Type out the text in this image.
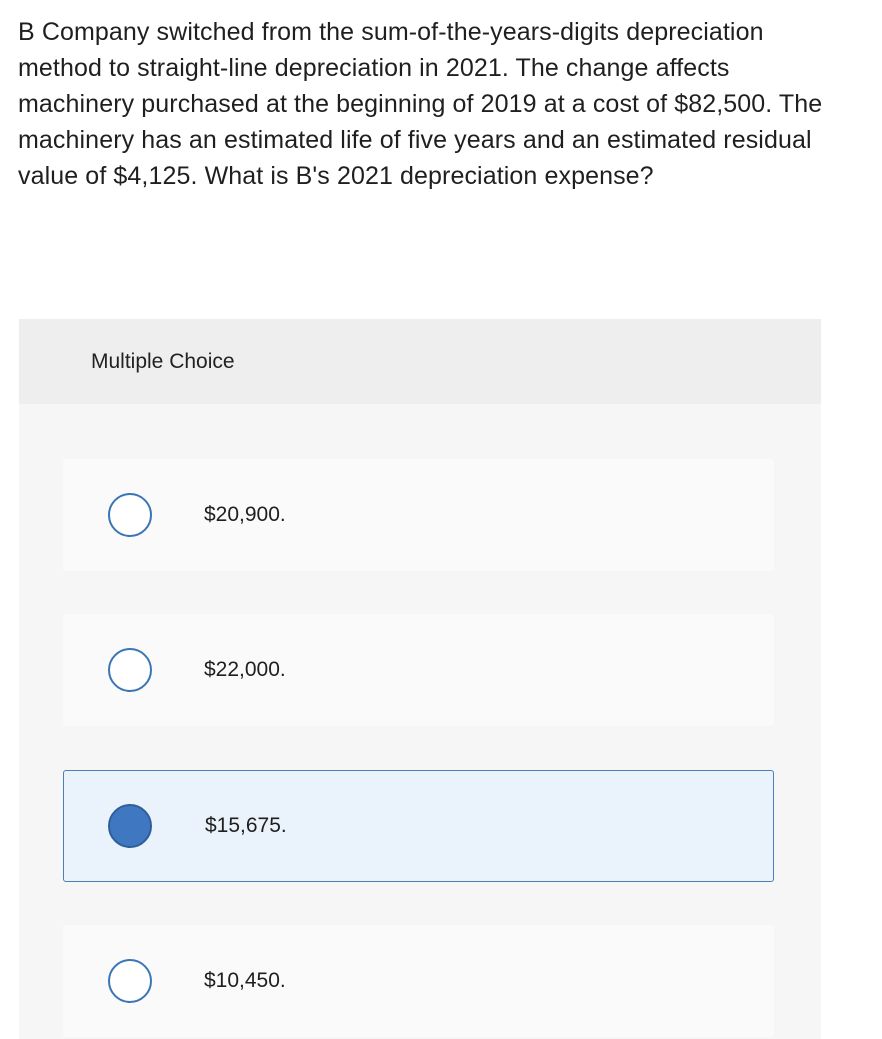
B Company switched from the sum-of-the-years-digits depreciation method to straight-line depreciation in 2021. The change affects machinery purchased at the beginning of 2019 at a cost of $82,500. The machinery has an estimated life of five years and an estimated residual value of $4,125. What is B's 2021 depreciation expense?

Multiple Choice
$20,900.
$22,000.
$15,675.
$10,450.
